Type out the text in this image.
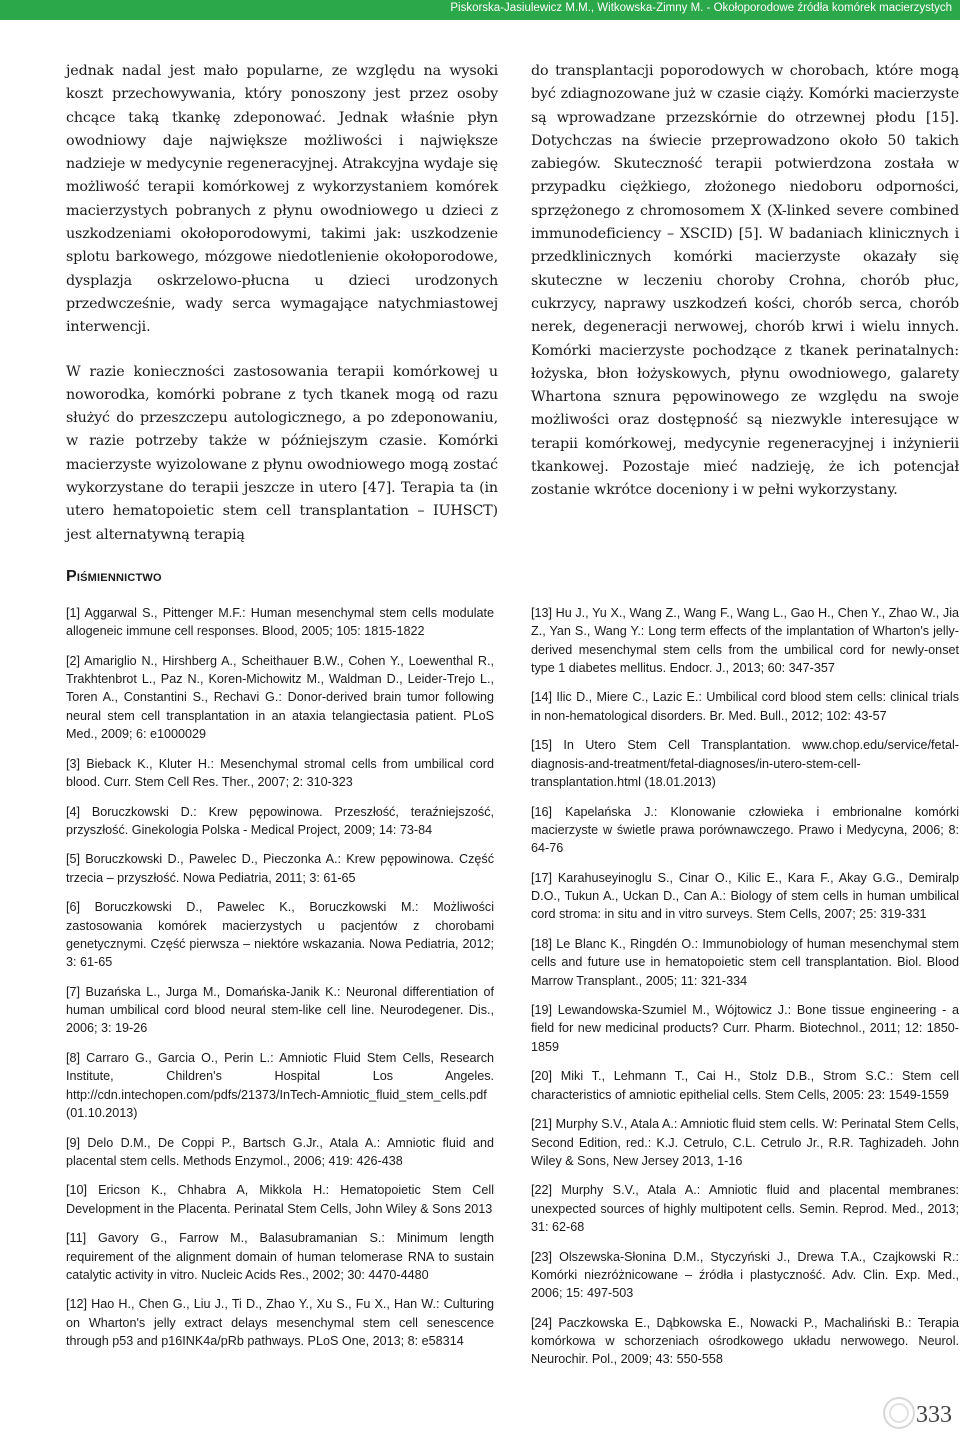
Piskorska-Jasiulewicz M.M., Witkowska-Zimny M. - Okołoporodowe źródła komórek macierzystych

jednak nadal jest mało popularne, ze względu na wysoki koszt przechowywania, który ponoszony jest przez osoby chcące taką tkankę zdeponować. Jednak właśnie płyn owodniowy daje największe możliwości i największe nadzieje w medycynie regeneracyjnej. Atrakcyjna wydaje się możliwość terapii komórkowej z wykorzystaniem komórek macierzystych pobranych z płynu owodniowego u dzieci z uszkodzeniami okołoporodowymi, takimi jak: uszkodzenie splotu barkowego, mózgowe niedotlenienie okołoporodowe, dysplazja oskrzelowo-płucna u dzieci urodzonych przedwcześnie, wady serca wymagające natychmiastowej interwencji.

W razie konieczności zastosowania terapii komórkowej u noworodka, komórki pobrane z tych tkanek mogą od razu służyć do przeszczepu autologicznego, a po zdeponowaniu, w razie potrzeby także w późniejszym czasie. Komórki macierzyste wyizolowane z płynu owodniowego mogą zostać wykorzystane do terapii jeszcze in utero [47]. Terapia ta (in utero hematopoietic stem cell transplantation – IUHSCT) jest alternatywną terapią

do transplantacji poporodowych w chorobach, które mogą być zdiagnozowane już w czasie ciąży. Komórki macierzyste są wprowadzane przezskórnie do otrzewnej płodu [15]. Dotychczas na świecie przeprowadzono około 50 takich zabiegów. Skuteczność terapii potwierdzona została w przypadku ciężkiego, złożonego niedoboru odporności, sprzężonego z chromosomem X (X-linked severe combined immunodeficiency – XSCID) [5]. W badaniach klinicznych i przedklinicznych komórki macierzyste okazały się skuteczne w leczeniu choroby Crohna, chorób płuc, cukrzycy, naprawy uszkodzeń kości, chorób serca, chorób nerek, degeneracji nerwowej, chorób krwi i wielu innych. Komórki macierzyste pochodzące z tkanek perinatalnych: łożyska, błon łożyskowych, płynu owodniowego, galarety Whartona sznura pępowinowego ze względu na swoje możliwości oraz dostępność są niezwykle interesujące w terapii komórkowej, medycynie regeneracyjnej i inżynierii tkankowej. Pozostaje mieć nadzieję, że ich potencjał zostanie wkrótce doceniony i w pełni wykorzystany.

Piśmiennictwo
[1] Aggarwal S., Pittenger M.F.: Human mesenchymal stem cells modulate allogeneic immune cell responses. Blood, 2005; 105: 1815-1822
[2] Amariglio N., Hirshberg A., Scheithauer B.W., Cohen Y., Loewenthal R., Trakhtenbrot L., Paz N., Koren-Michowitz M., Waldman D., Leider-Trejo L., Toren A., Constantini S., Rechavi G.: Donor-derived brain tumor following neural stem cell transplantation in an ataxia telangiectasia patient. PLoS Med., 2009; 6: e1000029
[3] Bieback K., Kluter H.: Mesenchymal stromal cells from umbilical cord blood. Curr. Stem Cell Res. Ther., 2007; 2: 310-323
[4] Boruczkowski D.: Krew pępowinowa. Przeszłość, teraźniejszość, przyszłość. Ginekologia Polska - Medical Project, 2009; 14: 73-84
[5] Boruczkowski D., Pawelec D., Pieczonka A.: Krew pępowinowa. Część trzecia – przyszłość. Nowa Pediatria, 2011; 3: 61-65
[6] Boruczkowski D., Pawelec K., Boruczkowski M.: Możliwości zastosowania komórek macierzystych u pacjentów z chorobami genetycznymi. Część pierwsza – niektóre wskazania. Nowa Pediatria, 2012; 3: 61-65
[7] Buzańska L., Jurga M., Domańska-Janik K.: Neuronal differentiation of human umbilical cord blood neural stem-like cell line. Neurodegener. Dis., 2006; 3: 19-26
[8] Carraro G., Garcia O., Perin L.: Amniotic Fluid Stem Cells, Research Institute, Children's Hospital Los Angeles. http://cdn.intechopen.com/pdfs/21373/InTech-Amniotic_fluid_stem_cells.pdf (01.10.2013)
[9] Delo D.M., De Coppi P., Bartsch G.Jr., Atala A.: Amniotic fluid and placental stem cells. Methods Enzymol., 2006; 419: 426-438
[10] Ericson K., Chhabra A, Mikkola H.: Hematopoietic Stem Cell Development in the Placenta. Perinatal Stem Cells, John Wiley & Sons 2013
[11] Gavory G., Farrow M., Balasubramanian S.: Minimum length requirement of the alignment domain of human telomerase RNA to sustain catalytic activity in vitro. Nucleic Acids Res., 2002; 30: 4470-4480
[12] Hao H., Chen G., Liu J., Ti D., Zhao Y., Xu S., Fu X., Han W.: Culturing on Wharton's jelly extract delays mesenchymal stem cell senescence through p53 and p16INK4a/pRb pathways. PLoS One, 2013; 8: e58314
[13] Hu J., Yu X., Wang Z., Wang F., Wang L., Gao H., Chen Y., Zhao W., Jia Z., Yan S., Wang Y.: Long term effects of the implantation of Wharton's jelly-derived mesenchymal stem cells from the umbilical cord for newly-onset type 1 diabetes mellitus. Endocr. J., 2013; 60: 347-357
[14] Ilic D., Miere C., Lazic E.: Umbilical cord blood stem cells: clinical trials in non-hematological disorders. Br. Med. Bull., 2012; 102: 43-57
[15] In Utero Stem Cell Transplantation. www.chop.edu/service/fetal-diagnosis-and-treatment/fetal-diagnoses/in-utero-stem-cell-transplantation.html (18.01.2013)
[16] Kapelańska J.: Klonowanie człowieka i embrionalne komórki macierzyste w świetle prawa porównawczego. Prawo i Medycyna, 2006; 8: 64-76
[17] Karahuseyinoglu S., Cinar O., Kilic E., Kara F., Akay G.G., Demiralp D.O., Tukun A., Uckan D., Can A.: Biology of stem cells in human umbilical cord stroma: in situ and in vitro surveys. Stem Cells, 2007; 25: 319-331
[18] Le Blanc K., Ringdén O.: Immunobiology of human mesenchymal stem cells and future use in hematopoietic stem cell transplantation. Biol. Blood Marrow Transplant., 2005; 11: 321-334
[19] Lewandowska-Szumiel M., Wójtowicz J.: Bone tissue engineering - a field for new medicinal products? Curr. Pharm. Biotechnol., 2011; 12: 1850-1859
[20] Miki T., Lehmann T., Cai H., Stolz D.B., Strom S.C.: Stem cell characteristics of amniotic epithelial cells. Stem Cells, 2005: 23: 1549-1559
[21] Murphy S.V., Atala A.: Amniotic fluid stem cells. W: Perinatal Stem Cells, Second Edition, red.: K.J. Cetrulo, C.L. Cetrulo Jr., R.R. Taghizadeh. John Wiley & Sons, New Jersey 2013, 1-16
[22] Murphy S.V., Atala A.: Amniotic fluid and placental membranes: unexpected sources of highly multipotent cells. Semin. Reprod. Med., 2013; 31: 62-68
[23] Olszewska-Słonina D.M., Styczyński J., Drewa T.A., Czajkowski R.: Komórki niezróżnicowane – źródła i plastyczność. Adv. Clin. Exp. Med., 2006; 15: 497-503
[24] Paczkowska E., Dąbkowska E., Nowacki P., Machaliński B.: Terapia komórkowa w schorzeniach ośrodkowego układu nerwowego. Neurol. Neurochir. Pol., 2009; 43: 550-558
333
